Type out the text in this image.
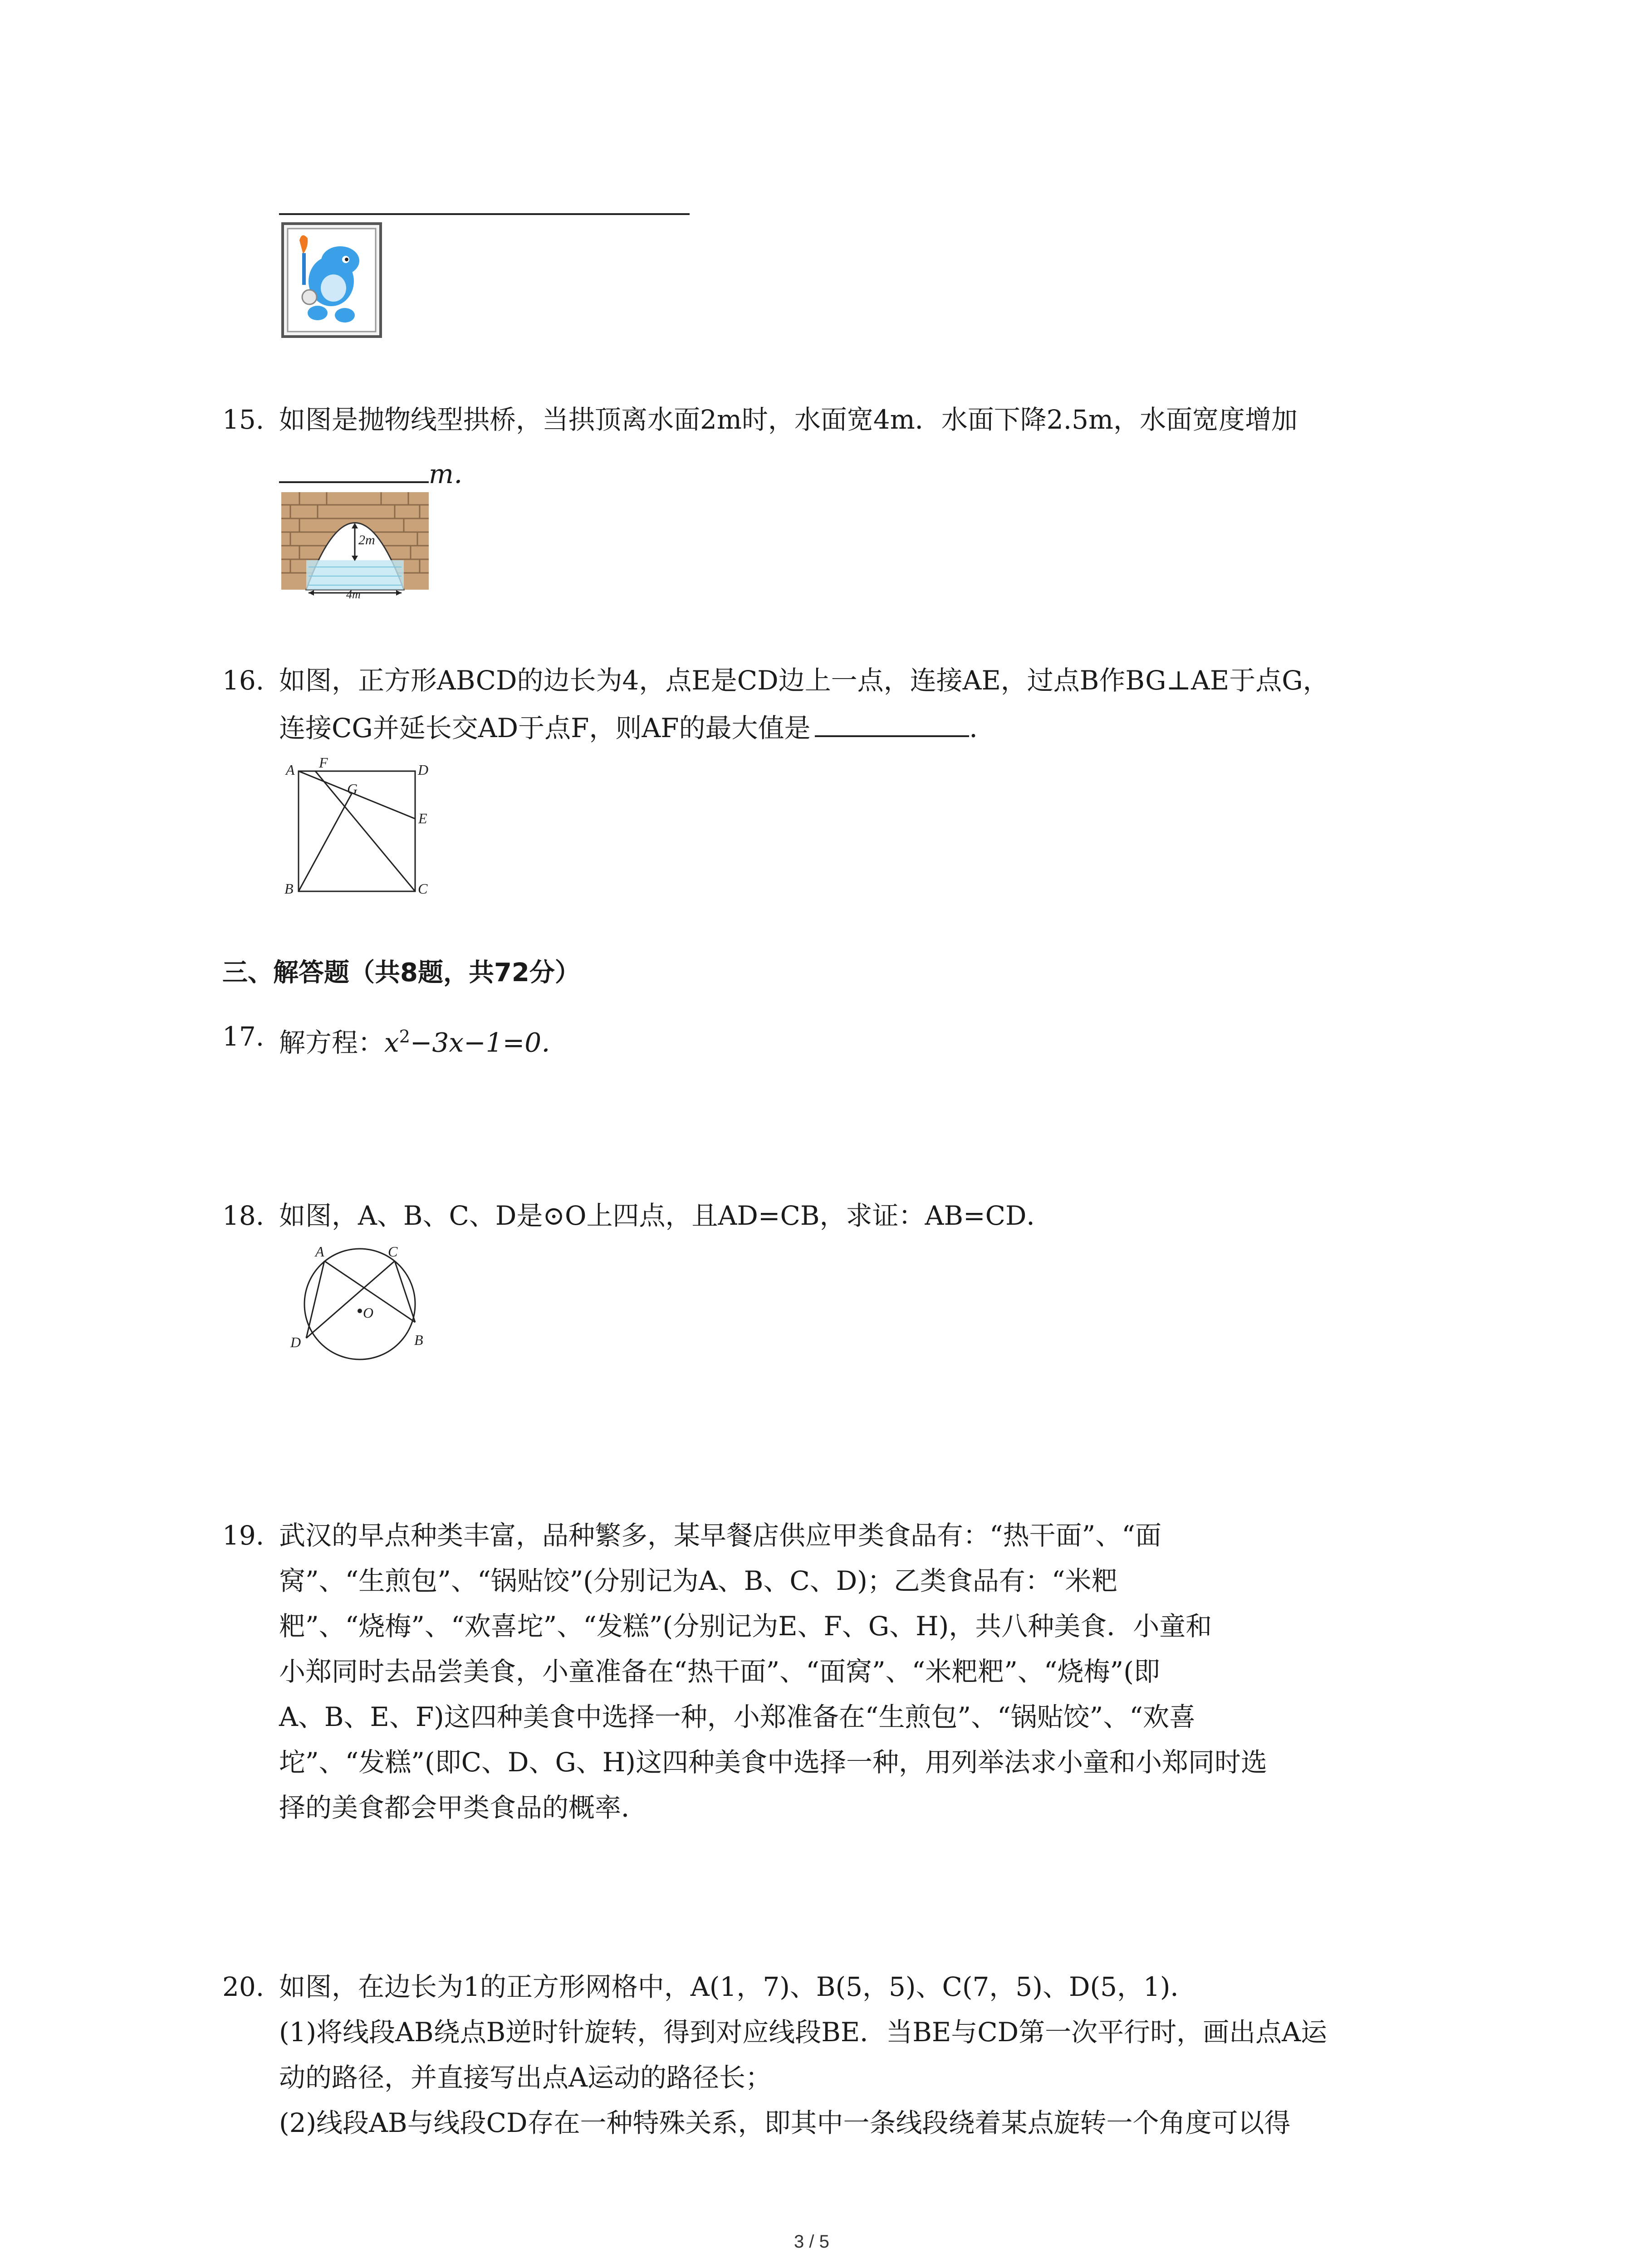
15. 如图是抛物线型拱桥，当拱顶离水面2m时，水面宽4m．水面下降2.5m，水面宽度增加
m．
2m
4m
16. 如图，正方形ABCD的边长为4，点E是CD边上一点，连接AE，过点B作BG⊥AE于点G，
连接CG并延长交AD于点F，则AF的最大值是	．
A F	D
G
E
B	C
三、解答题（共8题，共72分）
17. 解方程：$x^2-3x-1=0$．
18. 如图，A、B、C、D是⊙O上四点，且AD=CB，求证：AB=CD．
A	C
O
D	B
19. 武汉的早点种类丰富，品种繁多，某早餐店供应甲类食品有：“热干面”、“面
窝”、“生煎包”、“锅贴饺”(分别记为A、B、C、D)；乙类食品有：“米粑
粑”、“烧梅”、“欢喜坨”、“发糕”(分别记为E、F、G、H)，共八种美食．小童和
小郑同时去品尝美食，小童准备在“热干面”、“面窝”、“米粑粑”、“烧梅”(即
A、B、E、F)这四种美食中选择一种，小郑准备在“生煎包”、“锅贴饺”、“欢喜
坨”、“发糕”(即C、D、G、H)这四种美食中选择一种，用列举法求小童和小郑同时选
择的美食都会甲类食品的概率．
20. 如图，在边长为1的正方形网格中，A(1，7)、B(5，5)、C(7，5)、D(5，1)．
(1)将线段AB绕点B逆时针旋转，得到对应线段BE．当BE与CD第一次平行时，画出点A运
动的路径，并直接写出点A运动的路径长；
(2)线段AB与线段CD存在一种特殊关系，即其中一条线段绕着某点旋转一个角度可以得
3 / 5
